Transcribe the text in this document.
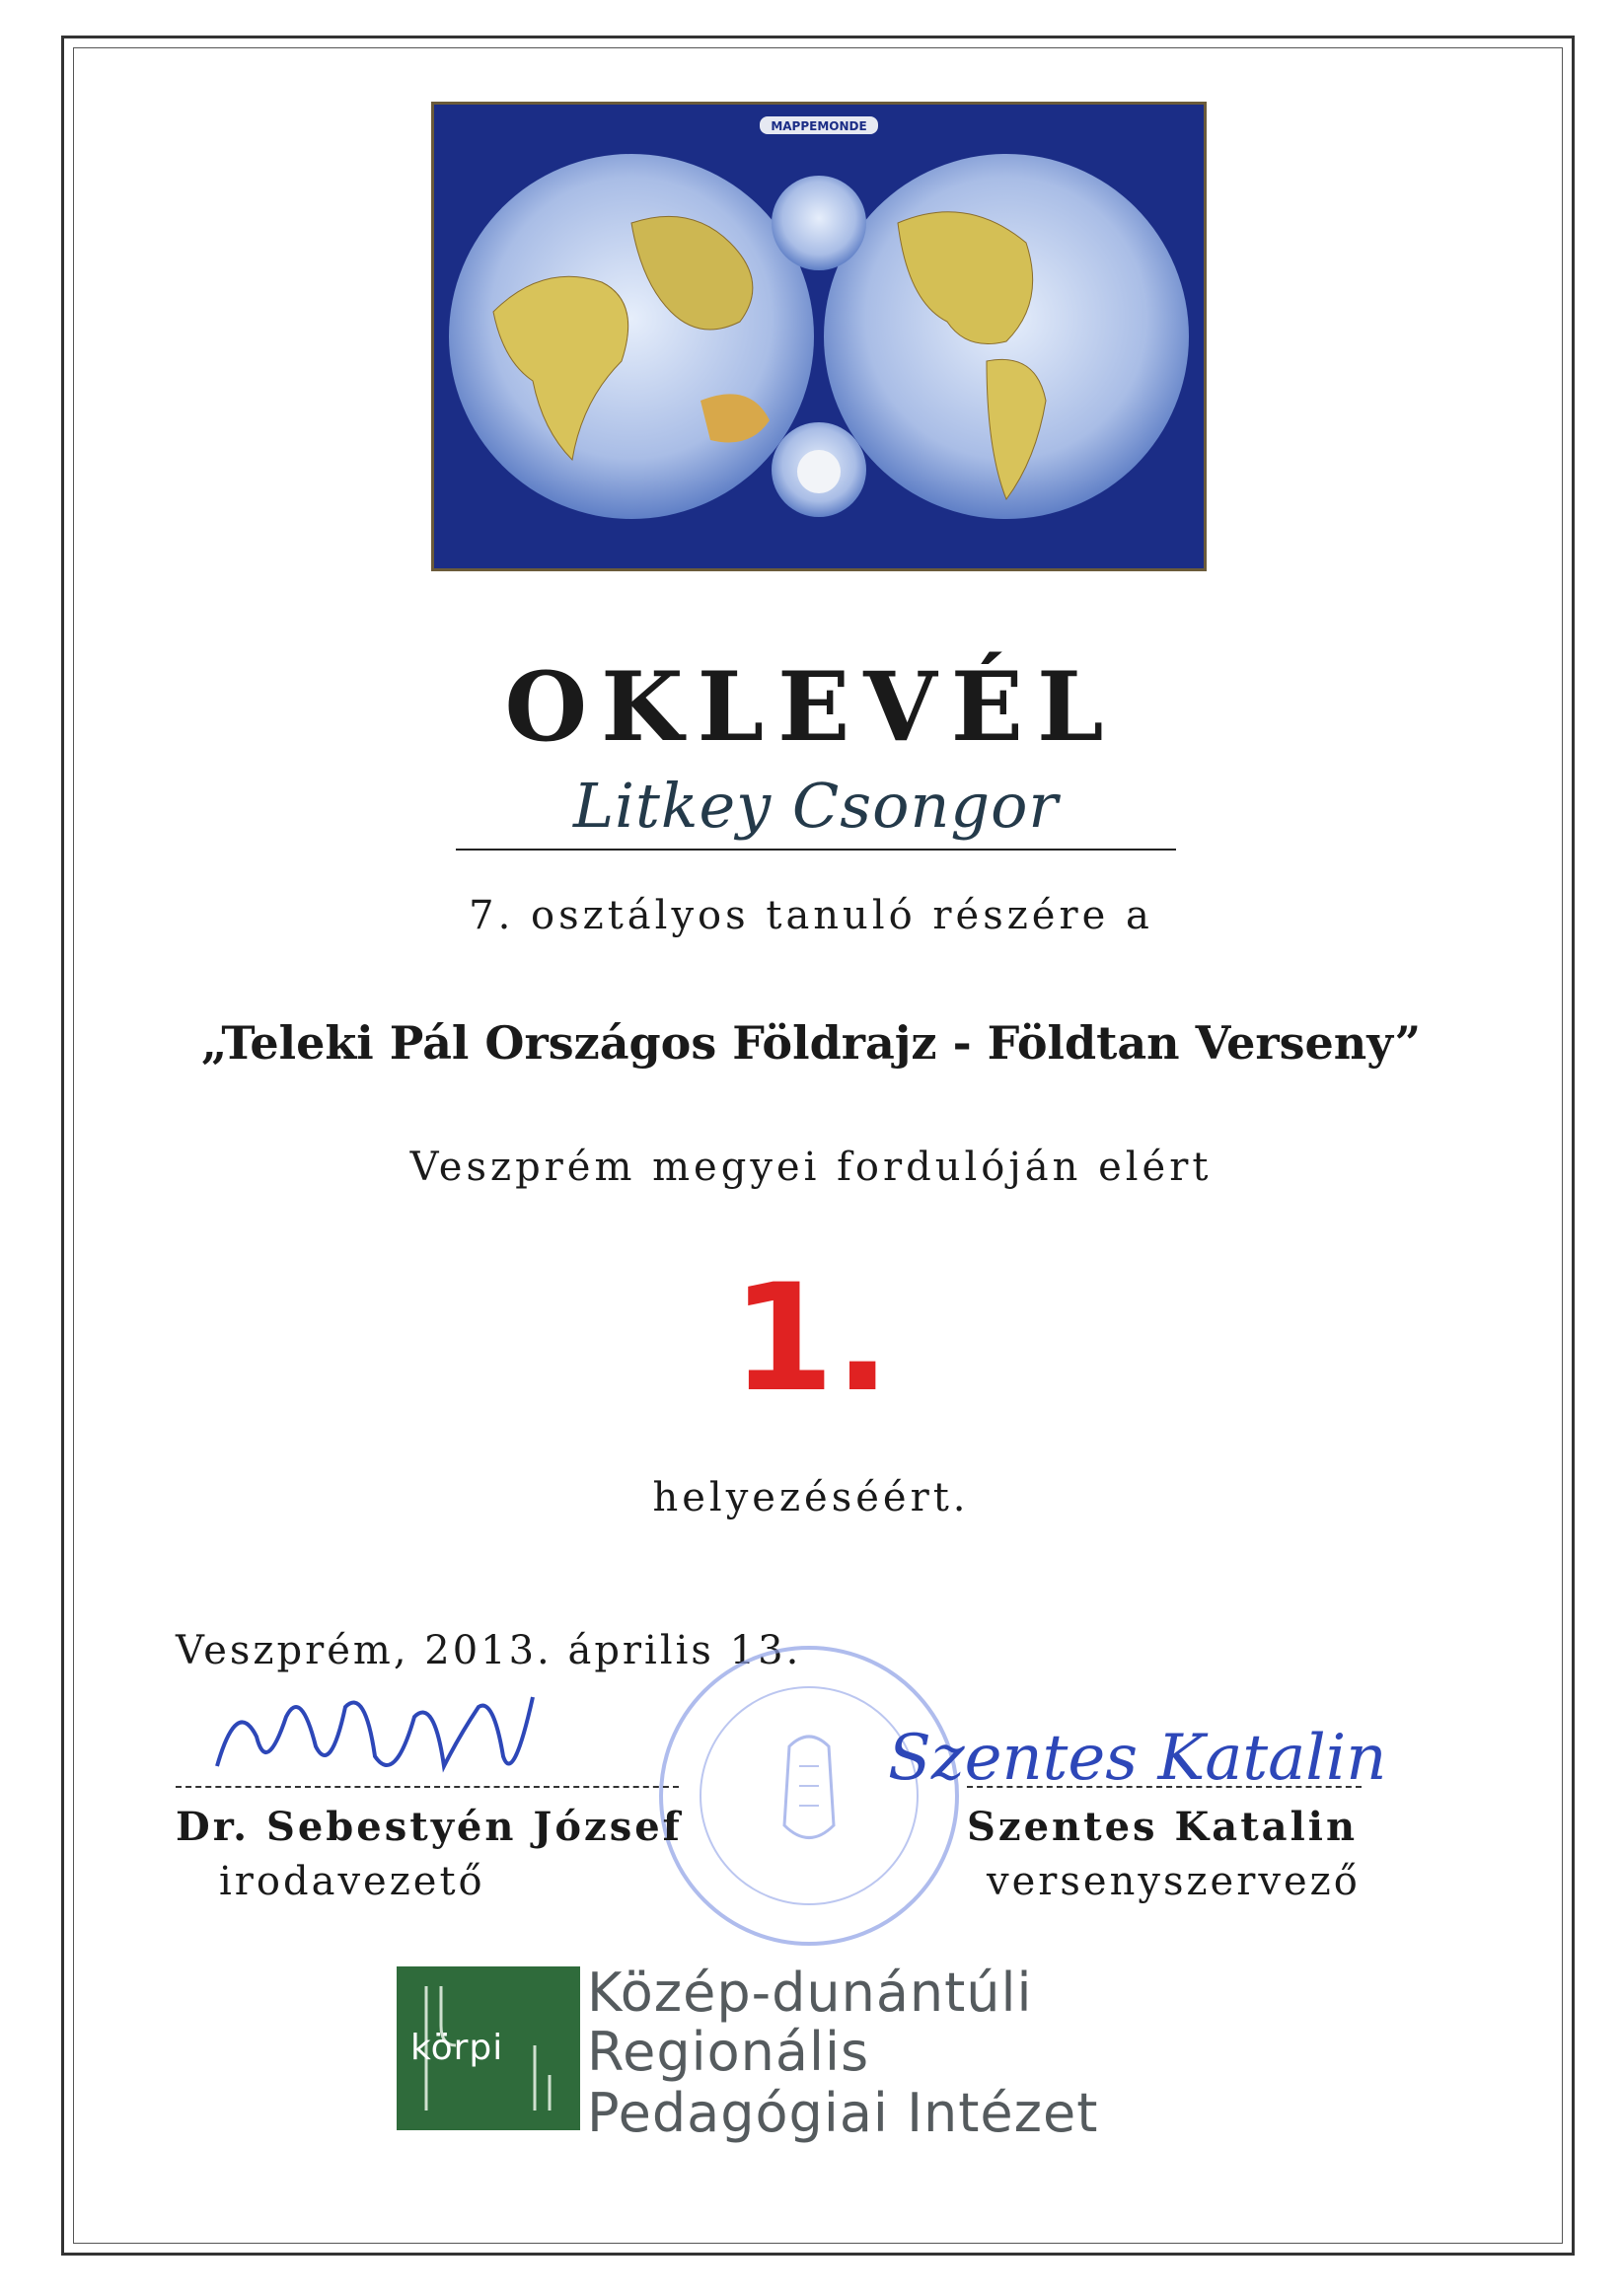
MAPPEMONDE
OKLEVÉL
Litkey Csongor
7. osztályos tanuló részére a
„Teleki Pál Országos Földrajz - Földtan Verseny”
Veszprém megyei fordulóján elért
1.
helyezéséért.
Veszprém, 2013. április 13.
Szentes Katalin
Dr. Sebestyén József
irodavezető
Szentes Katalin
versenyszervező
körpi
Közép-dunántúli
Regionális
Pedagógiai Intézet
